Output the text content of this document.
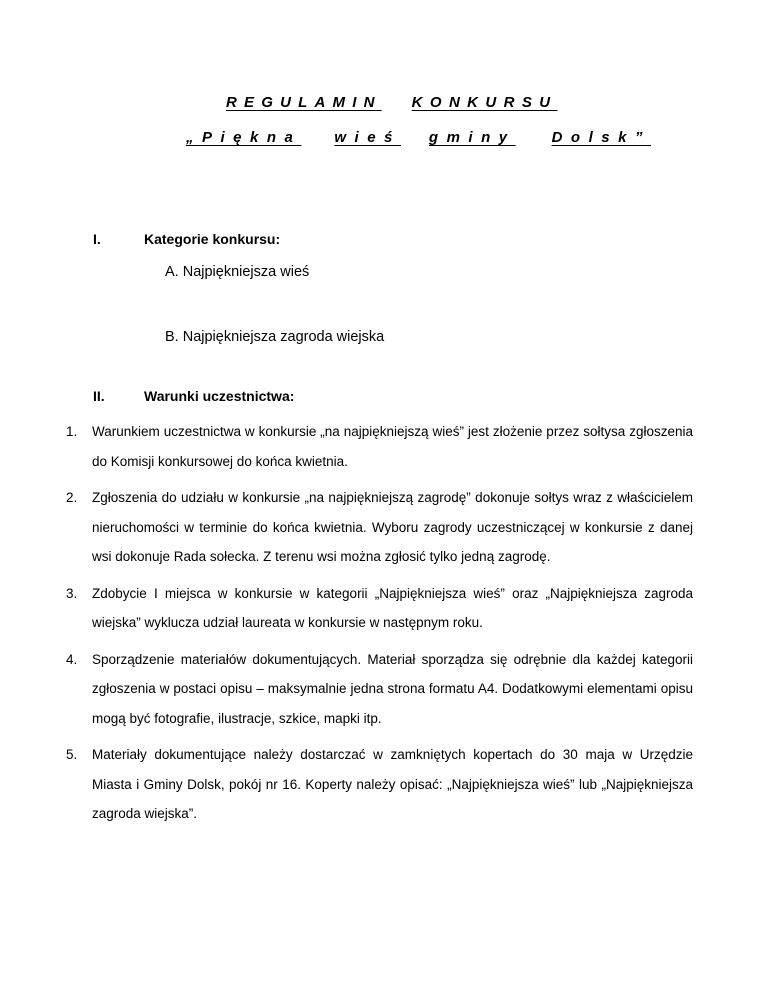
REGULAMIN KONKURSU
„Piękna wieś gminy Dolsk”
I.	Kategorie konkursu:
A. Najpiękniejsza wieś
B. Najpiękniejsza zagroda wiejska
II.	Warunki uczestnictwa:
1. Warunkiem uczestnictwa w konkursie „na najpiękniejszą wieś” jest złożenie przez sołtysa zgłoszenia do Komisji konkursowej do końca kwietnia.
2. Zgłoszenia do udziału w konkursie „na najpiękniejszą zagrodę” dokonuje sołtys wraz z właścicielem nieruchomości w terminie do końca kwietnia. Wyboru zagrody uczestniczącej w konkursie z danej wsi dokonuje Rada sołecka. Z terenu wsi można zgłosić tylko jedną zagrodę.
3. Zdobycie I miejsca w konkursie w kategorii „Najpiękniejsza wieś” oraz „Najpiękniejsza zagroda wiejska” wyklucza udział laureata w konkursie w następnym roku.
4. Sporządzenie materiałów dokumentujących. Materiał sporządza się odrębnie dla każdej kategorii zgłoszenia w postaci opisu – maksymalnie jedna strona formatu A4. Dodatkowymi elementami opisu mogą być fotografie, ilustracje, szkice, mapki itp.
5. Materiały dokumentujące należy dostarczać w zamkniętych kopertach do 30 maja w Urzędzie Miasta i Gminy Dolsk, pokój nr 16. Koperty należy opisać: „Najpiękniejsza wieś” lub „Najpiękniejsza zagroda wiejska”.
